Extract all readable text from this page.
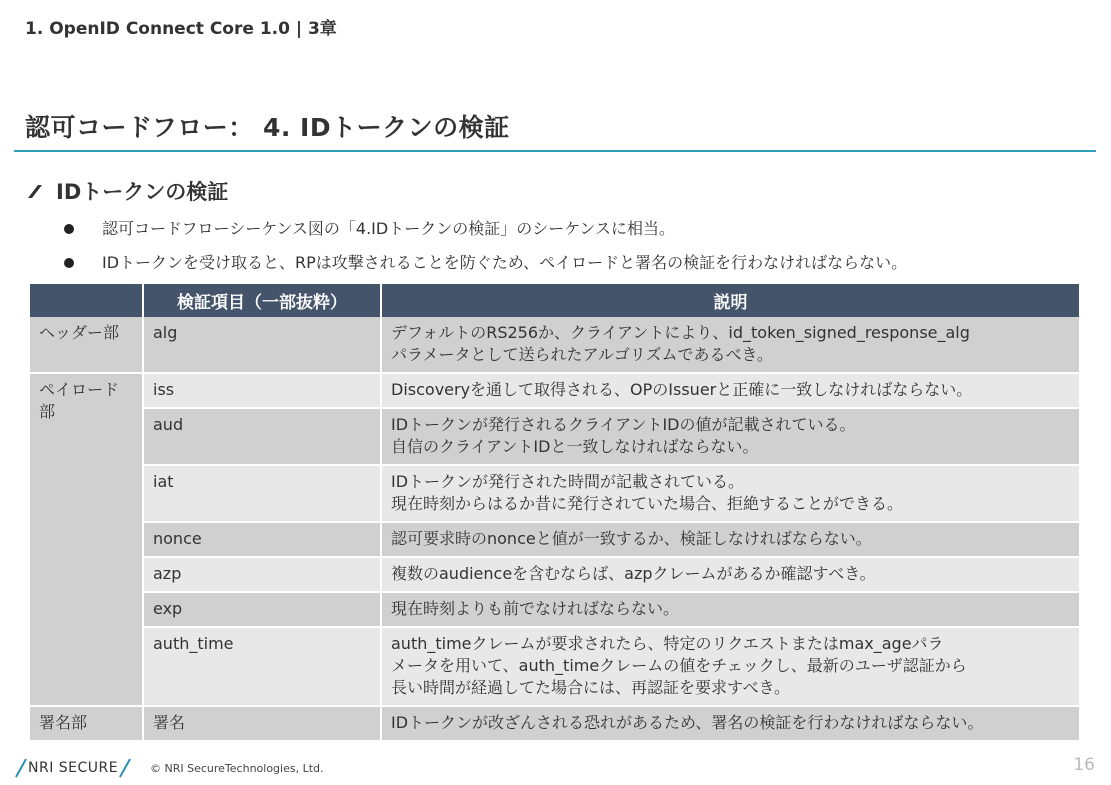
1. OpenID Connect Core 1.0 | 3章
認可コードフロー： 4. IDトークンの検証
IDトークンの検証
認可コードフローシーケンス図の「4.IDトークンの検証」のシーケンスに相当。
IDトークンを受け取ると、RPは攻撃されることを防ぐため、ペイロードと署名の検証を行わなければならない。
	検証項目（一部抜粋）	説明
ヘッダー部	alg	デフォルトのRS256か、クライアントにより、id_token_signed_response_alg
パラメータとして送られたアルゴリズムであるべき。

ペイロード部	iss	Discoveryを通して取得される、OPのIssuerと正確に一致しなければならない。

	aud	IDトークンが発行されるクライアントIDの値が記載されている。
自信のクライアントIDと一致しなければならない。

	iat	IDトークンが発行された時間が記載されている。
現在時刻からはるか昔に発行されていた場合、拒絶することができる。

	nonce	認可要求時のnonceと値が一致するか、検証しなければならない。

	azp	複数のaudienceを含むならば、azpクレームがあるか確認すべき。

	exp	現在時刻よりも前でなければならない。

	auth_time	auth_timeクレームが要求されたら、特定のリクエストまたはmax_ageパラ
メータを用いて、auth_timeクレームの値をチェックし、最新のユーザ認証から
長い時間が経過してた場合には、再認証を要求すべき。

署名部	署名	IDトークンが改ざんされる恐れがあるため、署名の検証を行わなければならない。
NRI SECURE	© NRI SecureTechnologies, Ltd.	16
